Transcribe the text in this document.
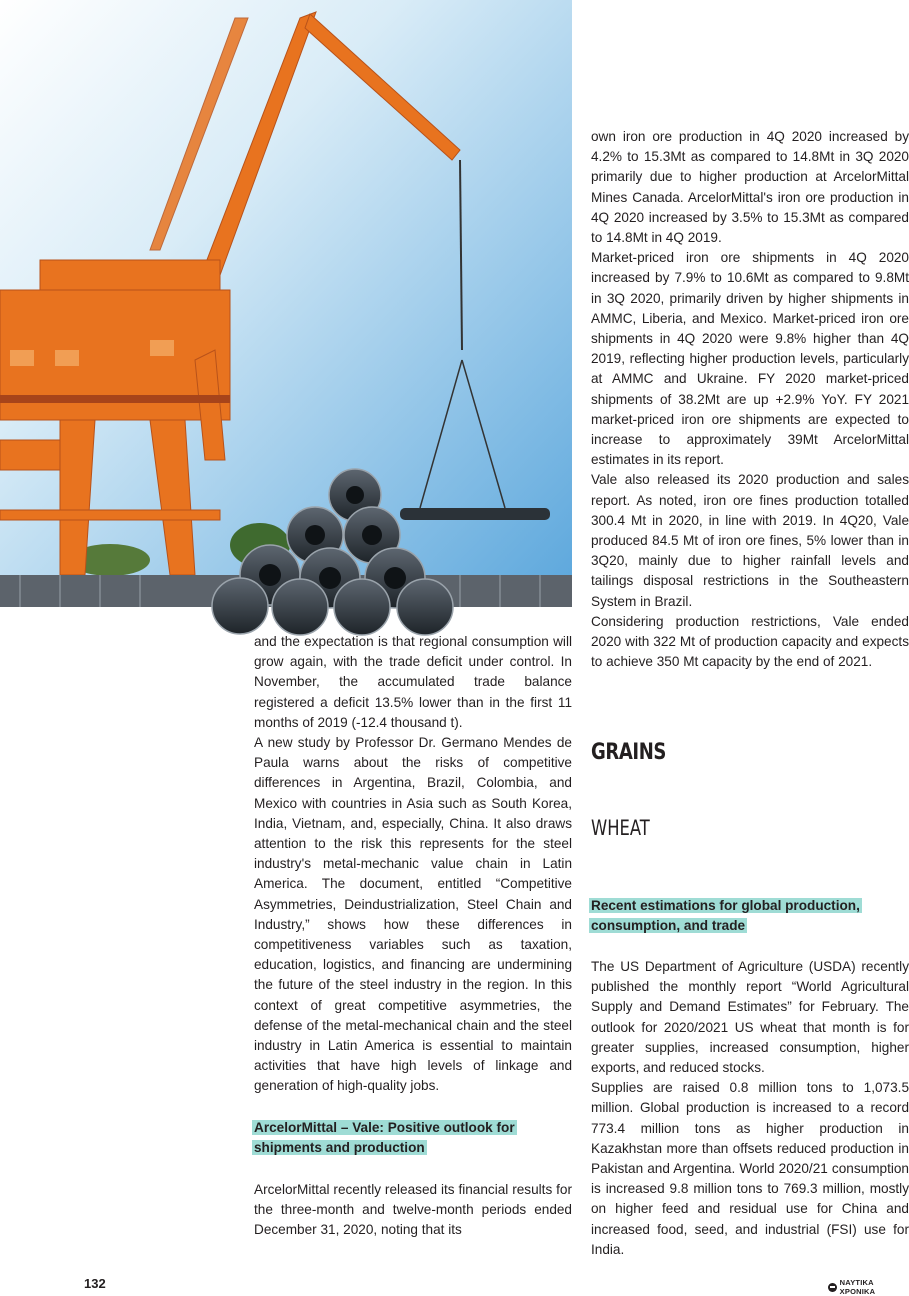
and the expectation is that regional consumption will grow again, with the trade deficit under control. In November, the accumulated trade balance registered a deficit 13.5% lower than in the first 11 months of 2019 (-12.4 thousand t).

A new study by Professor Dr. Germano Mendes de Paula warns about the risks of competitive differences in Argentina, Brazil, Colombia, and Mexico with countries in Asia such as South Korea, India, Vietnam, and, especially, China. It also draws attention to the risk this represents for the steel industry's metal-mechanic value chain in Latin America. The document, entitled “Competitive Asymmetries, Deindustrialization, Steel Chain and Industry,” shows how these differences in competitiveness variables such as taxation, education, logistics, and financing are undermining the future of the steel industry in the region. In this context of great competitive asymmetries, the defense of the metal-mechanical chain and the steel industry in Latin America is essential to maintain activities that have high levels of linkage and generation of high-quality jobs.

ArcelorMittal – Vale: Positive outlook for shipments and production

ArcelorMittal recently released its financial results for the three-month and twelve-month periods ended December 31, 2020, noting that its

own iron ore production in 4Q 2020 increased by 4.2% to 15.3Mt as compared to 14.8Mt in 3Q 2020 primarily due to higher production at ArcelorMittal Mines Canada. ArcelorMittal's iron ore production in 4Q 2020 increased by 3.5% to 15.3Mt as compared to 14.8Mt in 4Q 2019.

Market-priced iron ore shipments in 4Q 2020 increased by 7.9% to 10.6Mt as compared to 9.8Mt in 3Q 2020, primarily driven by higher shipments in AMMC, Liberia, and Mexico. Market-priced iron ore shipments in 4Q 2020 were 9.8% higher than 4Q 2019, reflecting higher production levels, particularly at AMMC and Ukraine. FY 2020 market-priced shipments of 38.2Mt are up +2.9% YoY. FY 2021 market-priced iron ore shipments are expected to increase to approximately 39Mt ArcelorMittal estimates in its report.

Vale also released its 2020 production and sales report. As noted, iron ore fines production totalled 300.4 Mt in 2020, in line with 2019. In 4Q20, Vale produced 84.5 Mt of iron ore fines, 5% lower than in 3Q20, mainly due to higher rainfall levels and tailings disposal restrictions in the Southeastern System in Brazil.

Considering production restrictions, Vale ended 2020 with 322 Mt of production capacity and expects to achieve 350 Mt capacity by the end of 2021.

GRAINS
WHEAT
Recent estimations for global production, consumption, and trade

The US Department of Agriculture (USDA) recently published the monthly report “World Agricultural Supply and Demand Estimates” for February. The outlook for 2020/2021 US wheat that month is for greater supplies, increased consumption, higher exports, and reduced stocks.

Supplies are raised 0.8 million tons to 1,073.5 million. Global production is increased to a record 773.4 million tons as higher production in Kazakhstan more than offsets reduced production in Pakistan and Argentina. World 2020/21 consumption is increased 9.8 million tons to 769.3 million, mostly on higher feed and residual use for China and increased food, seed, and industrial (FSI) use for India.

132	ΝΑΥΤΙΚΑ ΧΡΟΝΙΚΑ
